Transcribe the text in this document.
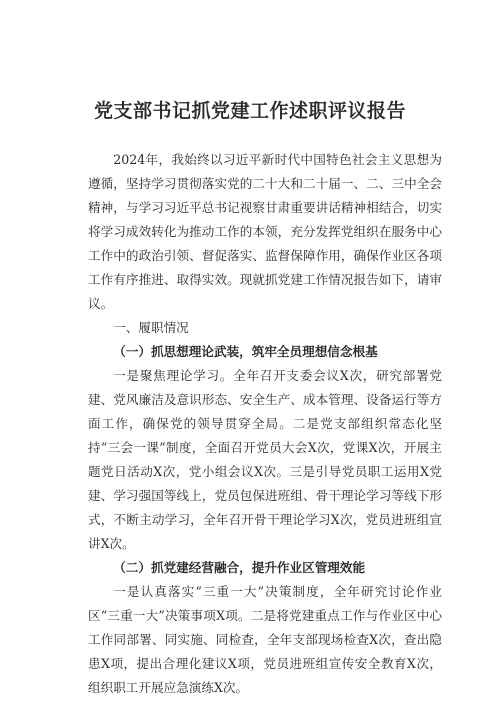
党支部书记抓党建工作述职评议报告

2024年，我始终以习近平新时代中国特色社会主义思想为遵循，坚持学习贯彻落实党的二十大和二十届一、二、三中全会精神，与学习习近平总书记视察甘肃重要讲话精神相结合，切实将学习成效转化为推动工作的本领，充分发挥党组织在服务中心工作中的政治引领、督促落实、监督保障作用，确保作业区各项工作有序推进、取得实效。现就抓党建工作情况报告如下，请审议。

一、履职情况
（一）抓思想理论武装，筑牢全员理想信念根基

一是聚焦理论学习。全年召开支委会议X次，研究部署党建、党风廉洁及意识形态、安全生产、成本管理、设备运行等方面工作，确保党的领导贯穿全局。二是党支部组织常态化坚持“三会一课”制度，全面召开党员大会X次，党课X次，开展主题党日活动X次，党小组会议X次。三是引导党员职工运用X党建、学习强国等线上，党员包保进班组、骨干理论学习等线下形式，不断主动学习，全年召开骨干理论学习X次，党员进班组宣讲X次。

（二）抓党建经营融合，提升作业区管理效能

一是认真落实“三重一大”决策制度，全年研究讨论作业区“三重一大”决策事项X项。二是将党建重点工作与作业区中心工作同部署、同实施、同检查，全年支部现场检查X次，查出隐患X项，提出合理化建议X项，党员进班组宣传安全教育X次，组织职工开展应急演练X次。
